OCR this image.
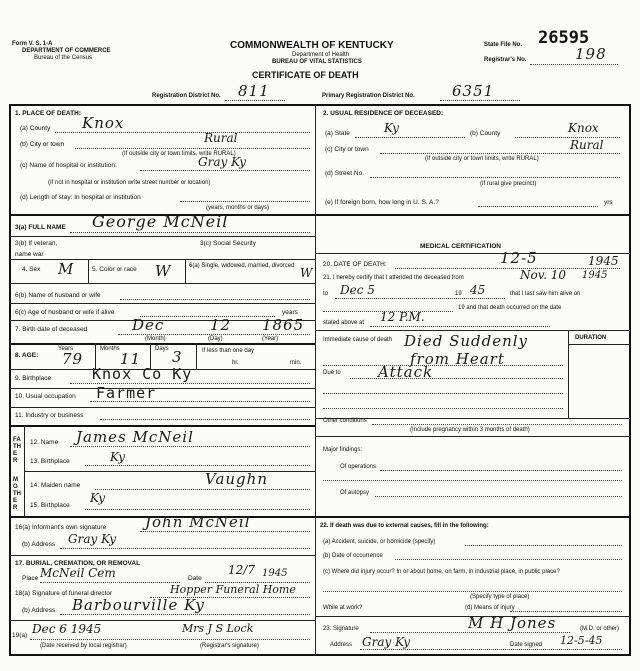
Form V. S. 1-A
DEPARTMENT OF COMMERCE
Bureau of the Census
COMMONWEALTH OF KENTUCKY
Department of Health
BUREAU OF VITAL STATISTICS
CERTIFICATE OF DEATH
State File No. 26595
Registrar's No.	198
Registration District No. 811	Primary Registration District No. 6351
1. PLACE OF DEATH:
(a) County Knox
(b) City or town	Rural
(If outside city or town limits, write RURAL)
(c) Name of hospital or institution:	Gray Ky
(If not in hospital or institution write street number or location)
(d) Length of stay: In hospital or institution
(years, months or days)
2. USUAL RESIDENCE OF DECEASED:
(a) State	Ky	(b) County	Knox
(c) City or town	Rural
(If outside city or town limits, write RURAL)
(d) Street No.
(If rural give precinct)
(e) If foreign born, how long in U. S. A.?	yrs
3(a) FULL NAME George McNeil
3(b) If veteran,	3(c) Social Security
name war
4. Sex M	5. Color or race W	6(a) Single, widowed, married, divorced W
6(b) Name of husband or wife
6(c) Age of husband or wife if alive	years
7. Birth date of deceased	Dec	12 1865
(Month)	(Day)	(Year)
8. AGE:
Years
79
Months
11
Days 3	If less than one day
hr.	min.
9. Birthplace	Knox Co Ky
10. Usual occupation Farmer
11. Industry or business
FATHER
12. Name James McNeil
13. Birthplace	Ky
MOTHER
14. Maiden name	Vaughn
15. Birthplace
Ky
16(a) Informant's own signature	John McNeil
(b) Address Gray Ky
17. BURIAL, CREMATION, OR REMOVAL
Place McNeil Cem	Date
12/7 1945
18(a) Signature of funeral director	Hopper Funeral Home
(b) Address Barbourville Ky
19(a) Dec 6 1945	Mrs J S Lock
(Date received by local registrar)	(Registrar's signature)
MEDICAL CERTIFICATION
20. DATE OF DEATH:	12-5	1945
21. I hereby certify that I attended the deceased from	Nov. 10 1945
to Dec 5	19 45	that I last saw him alive on
19 and that death occurred on the date
stated above at 12 P.M.
DURATION
Immediate cause of death Died Suddenly
from Heart
Due to Attack
Other conditions
(Include pregnancy within 3 months of death)
Major findings:
Of operations
Of autopsy
22. If death was due to external causes, fill in the following:
(a) Accident, suicide, or homicide (specify)
(b) Date of occurrence
(c) Where did injury occur? In or about home, on farm, in industrial place, in public place?
(Specify type of place)
While at work?	(d) Means of injury
23. Signature	M H Jones	(M.D. or other)
Address Gray Ky	Date signed 12-5-45
